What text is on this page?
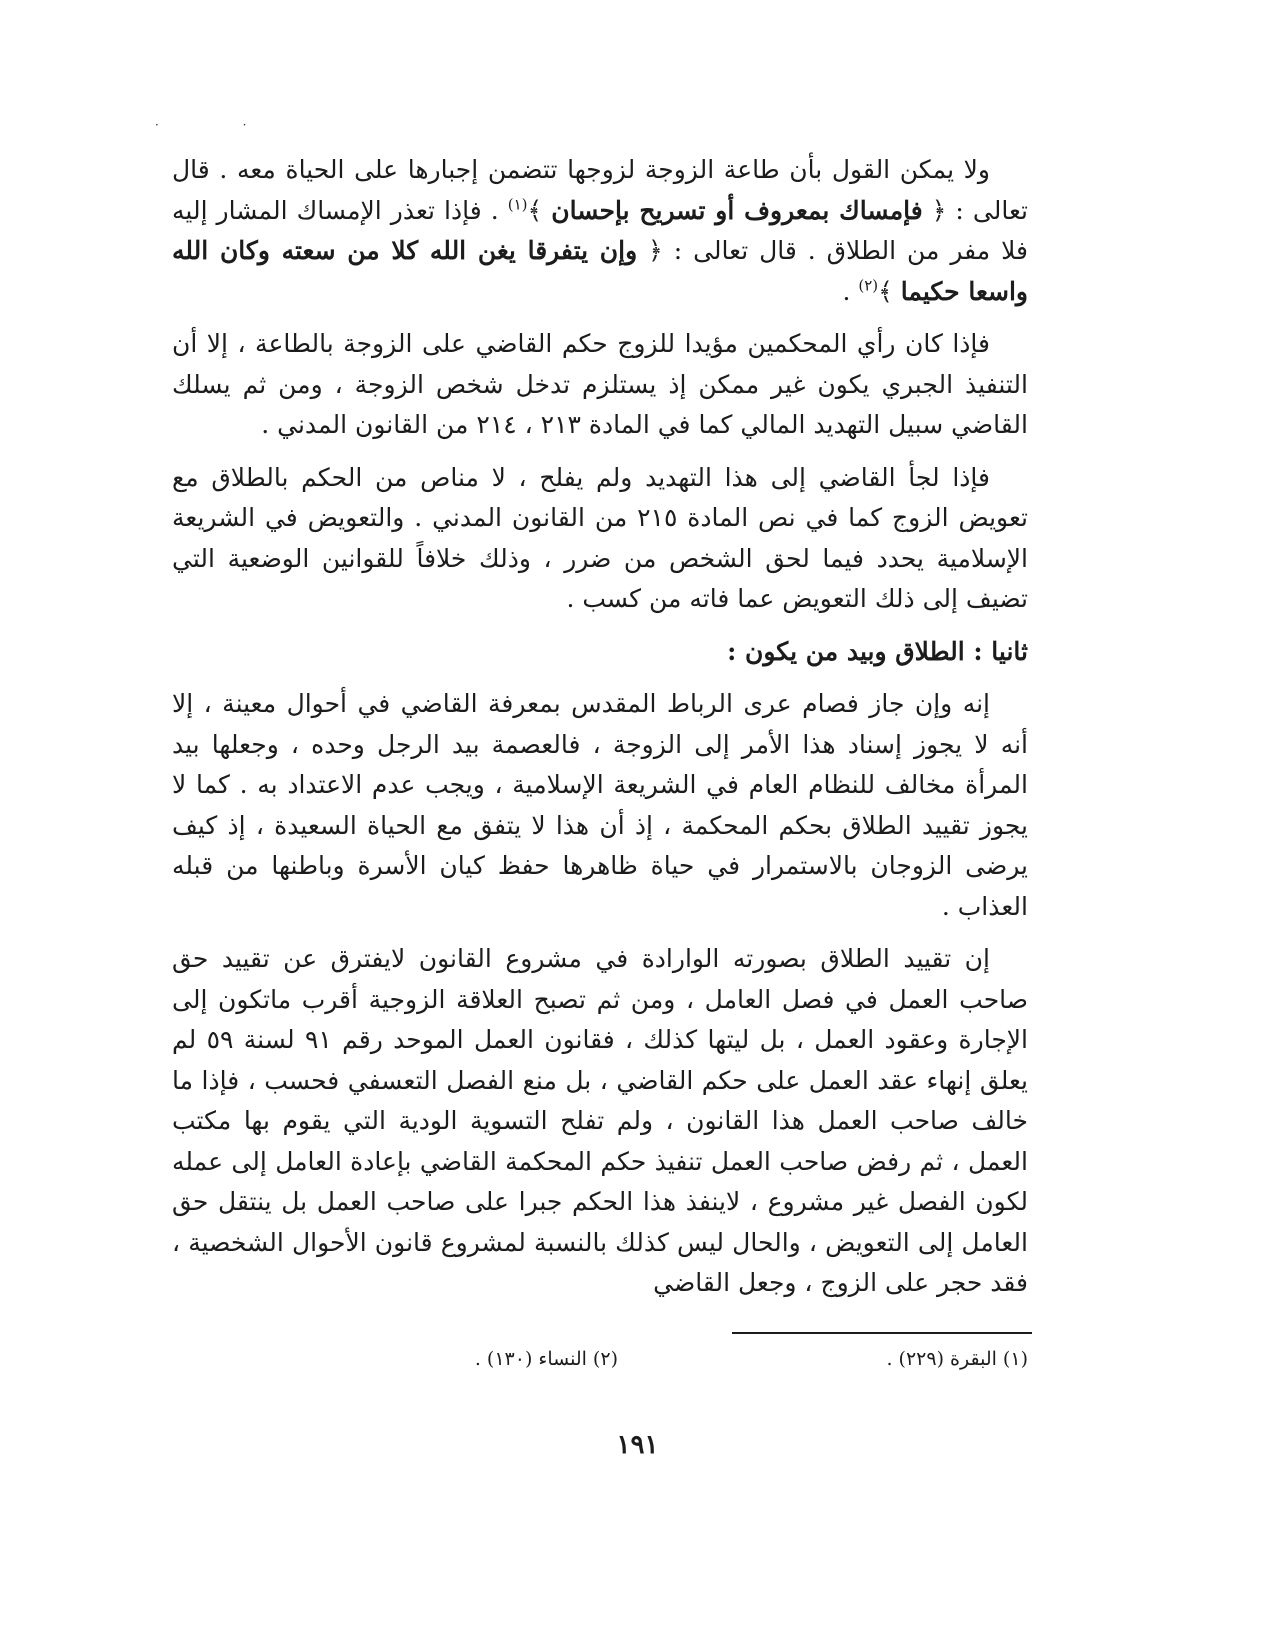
· ·

ولا يمكن القول بأن طاعة الزوجة لزوجها تتضمن إجبارها على الحياة معه . قال تعالى : ﴿ فإمساك بمعروف أو تسريح بإحسان ﴾$^{(١)}$ . فإذا تعذر الإمساك المشار إليه فلا مفر من الطلاق . قال تعالى : ﴿ وإن يتفرقا يغن الله كلا من سعته وكان الله واسعا حكيما ﴾$^{(٢)}$ .

فإذا كان رأي المحكمين مؤيدا للزوج حكم القاضي على الزوجة بالطاعة ، إلا أن التنفيذ الجبري يكون غير ممكن إذ يستلزم تدخل شخص الزوجة ، ومن ثم يسلك القاضي سبيل التهديد المالي كما في المادة ٢١٣ ، ٢١٤ من القانون المدني .

فإذا لجأ القاضي إلى هذا التهديد ولم يفلح ، لا مناص من الحكم بالطلاق مع تعويض الزوج كما في نص المادة ٢١٥ من القانون المدني . والتعويض في الشريعة الإسلامية يحدد فيما لحق الشخص من ضرر ، وذلك خلافاً للقوانين الوضعية التي تضيف إلى ذلك التعويض عما فاته من كسب .

ثانيا : الطلاق وبيد من يكون :

إنه وإن جاز فصام عرى الرباط المقدس بمعرفة القاضي في أحوال معينة ، إلا أنه لا يجوز إسناد هذا الأمر إلى الزوجة ، فالعصمة بيد الرجل وحده ، وجعلها بيد المرأة مخالف للنظام العام في الشريعة الإسلامية ، ويجب عدم الاعتداد به . كما لا يجوز تقييد الطلاق بحكم المحكمة ، إذ أن هذا لا يتفق مع الحياة السعيدة ، إذ كيف يرضى الزوجان بالاستمرار في حياة ظاهرها حفظ كيان الأسرة وباطنها من قبله العذاب .

إن تقييد الطلاق بصورته الوارادة في مشروع القانون لايفترق عن تقييد حق صاحب العمل في فصل العامل ، ومن ثم تصبح العلاقة الزوجية أقرب ماتكون إلى الإجارة وعقود العمل ، بل ليتها كذلك ، فقانون العمل الموحد رقم ٩١ لسنة ٥٩ لم يعلق إنهاء عقد العمل على حكم القاضي ، بل منع الفصل التعسفي فحسب ، فإذا ما خالف صاحب العمل هذا القانون ، ولم تفلح التسوية الودية التي يقوم بها مكتب العمل ، ثم رفض صاحب العمل تنفيذ حكم المحكمة القاضي بإعادة العامل إلى عمله لكون الفصل غير مشروع ، لاينفذ هذا الحكم جبرا على صاحب العمل بل ينتقل حق العامل إلى التعويض ، والحال ليس كذلك بالنسبة لمشروع قانون الأحوال الشخصية ، فقد حجر على الزوج ، وجعل القاضي

(١) البقرة (٢٢٩) .
(٢) النساء (١٣٠) .
١٩١
